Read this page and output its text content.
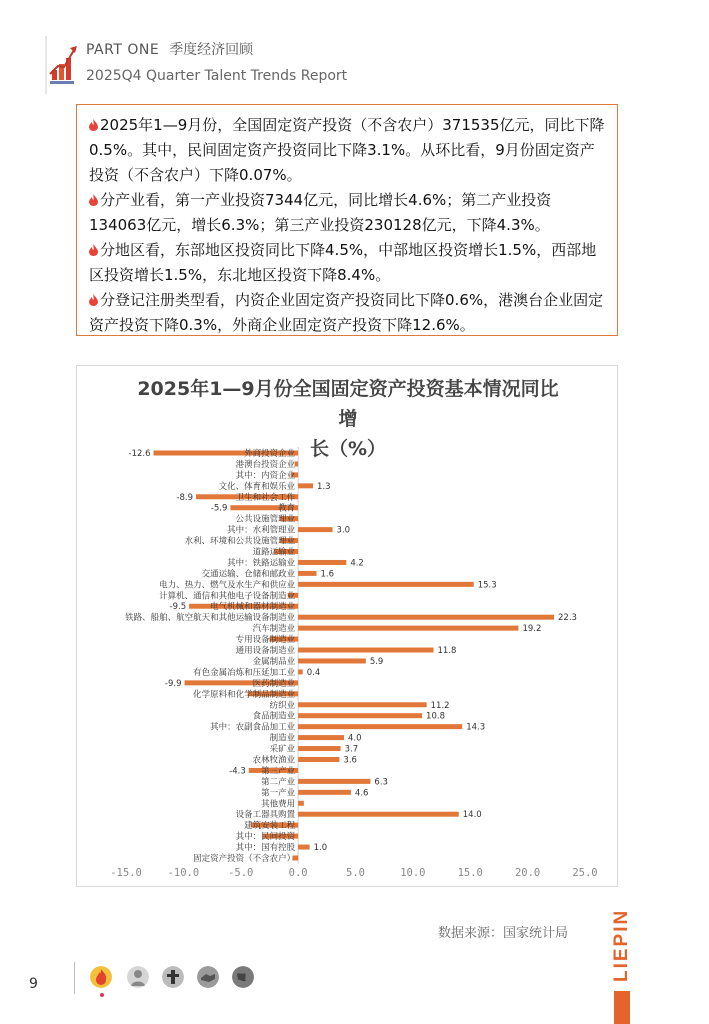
PART ONE 季度经济回顾
2025Q4 Quarter Talent Trends Report

2025年1—9月份，全国固定资产投资（不含农户）371535亿元，同比下降0.5%。其中，民间固定资产投资同比下降3.1%。从环比看，9月份固定资产投资（不含农户）下降0.07%。

分产业看，第一产业投资7344亿元，同比增长4.6%；第二产业投资134063亿元，增长6.3%；第三产业投资230128亿元，下降4.3%。

分地区看，东部地区投资同比下降4.5%，中部地区投资增长1.5%，西部地区投资增长1.5%，东北地区投资下降8.4%。

分登记注册类型看，内资企业固定资产投资同比下降0.6%，港澳台企业固定资产投资下降0.3%，外商企业固定资产投资下降12.6%。

2025年1—9月份全国固定资产投资基本情况同比增
长（%）
外商投资企业
-12.6
港澳台投资企业
其中：内资企业
文化、体育和娱乐业	1.3
卫生和社会工作
-8.9
教育
-5.9
公共设施管理业
其中：水利管理业	3.0
水利、环境和公共设施管理业
道路运输业
其中：铁路运输业	4.2
交通运输、仓储和邮政业	1.6
电力、热力、燃气及水生产和供应业	15.3
计算机、通信和其他电子设备制造业
电气机械和器材制造业
-9.5
铁路、船舶、航空航天和其他运输设备制造业	22.3
汽车制造业	19.2
专用设备制造业
通用设备制造业	11.8
金属制品业	5.9
有色金属冶炼和压延加工业 0.4
医药制造业
-9.9
化学原料和化学制品制造业
纺织业	11.2
食品制造业	10.8
其中：农副食品加工业	14.3
制造业	4.0
采矿业	3.7
农林牧渔业	3.6
第三产业
-4.3
第二产业	6.3
第一产业	4.6
其他费用
设备工器具购置	14.0
建筑安装工程
其中：民间投资
其中：国有控股 1.0
固定资产投资（不含农户）
-15.0 -10.0	-5.0	0.0	5.0	10.0	15.0	20.0	25.0
数据来源：国家统计局 LIEPIN
9
